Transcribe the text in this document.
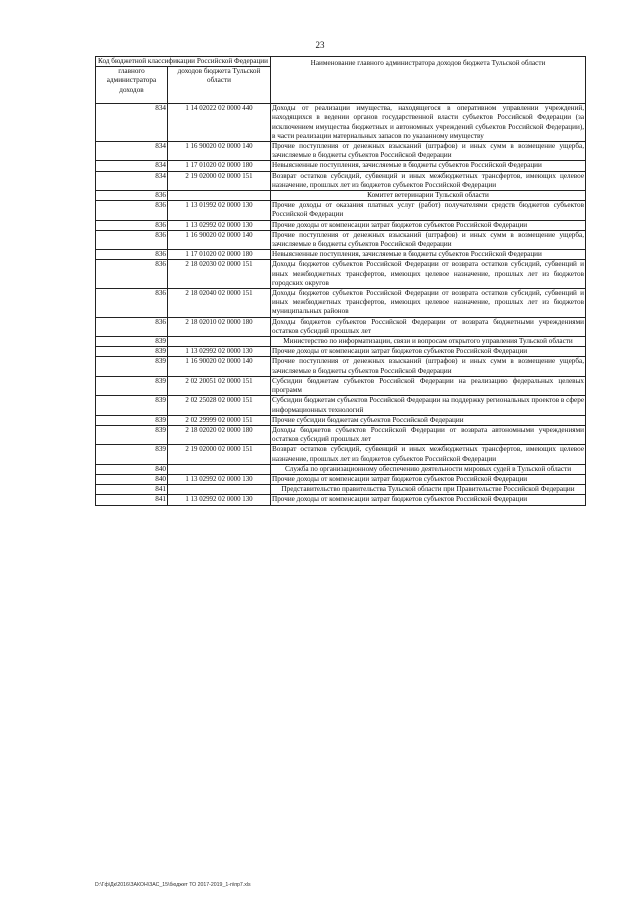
23
Код бюджетной классификации Российской Федерации		Наименование главного администратора доходов бюджета Тульской области
главного администратора доходов	доходов бюджета Тульской области	
834	1 14 02022 02 0000 440	Доходы от реализации имущества, находящегося в оперативном управлении учреждений, находящихся в ведении органов государственной власти субъектов Российской Федерации (за исключением имущества бюджетных и автономных учреждений субъектов Российской Федерации), в части реализации материальных запасов по указанному имуществу
834	1 16 90020 02 0000 140	Прочие поступления от денежных взысканий (штрафов) и иных сумм в возмещение ущерба, зачисляемые в бюджеты субъектов Российской Федерации
834	1 17 01020 02 0000 180	Невыясненные поступления, зачисляемые в бюджеты субъектов Российской Федерации
834	2 19 02000 02 0000 151	Возврат остатков субсидий, субвенций и иных межбюджетных трансфертов, имеющих целевое назначение, прошлых лет из бюджетов субъектов Российской Федерации
836		Комитет ветеринарии Тульской области
836	1 13 01992 02 0000 130	Прочие доходы от оказания платных услуг (работ) получателями средств бюджетов субъектов Российской Федерации
836	1 13 02992 02 0000 130	Прочие доходы от компенсации затрат бюджетов субъектов Российской Федерации
836	1 16 90020 02 0000 140	Прочие поступления от денежных взысканий (штрафов) и иных сумм в возмещение ущерба, зачисляемые в бюджеты субъектов Российской Федерации
836	1 17 01020 02 0000 180	Невыясненные поступления, зачисляемые в бюджеты субъектов Российской Федерации
836	2 18 02030 02 0000 151	Доходы бюджетов субъектов Российской Федерации от возврата остатков субсидий, субвенций и иных межбюджетных трансфертов, имеющих целевое назначение, прошлых лет из бюджетов городских округов
836	2 18 02040 02 0000 151	Доходы бюджетов субъектов Российской Федерации от возврата остатков субсидий, субвенций и иных межбюджетных трансфертов, имеющих целевое назначение, прошлых лет из бюджетов муниципальных районов
836	2 18 02010 02 0000 180	Доходы бюджетов субъектов Российской Федерации от возврата бюджетными учреждениями остатков субсидий прошлых лет
839		Министерство по информатизации, связи и вопросам открытого управления Тульской области
839	1 13 02992 02 0000 130	Прочие доходы от компенсации затрат бюджетов субъектов Российской Федерации
839	1 16 90020 02 0000 140	Прочие поступления от денежных взысканий (штрафов) и иных сумм в возмещение ущерба, зачисляемые в бюджеты субъектов Российской Федерации
839	2 02 20051 02 0000 151	Субсидии бюджетам субъектов Российской Федерации на реализацию федеральных целевых программ
839	2 02 25028 02 0000 151	Субсидии бюджетам субъектов Российской Федерации на поддержку региональных проектов в сфере информационных технологий
839	2 02 29999 02 0000 151	Прочие субсидии бюджетам субъектов Российской Федерации
839	2 18 02020 02 0000 180	Доходы бюджетов субъектов Российской Федерации от возврата автономными учреждениями остатков субсидий прошлых лет
839	2 19 02000 02 0000 151	Возврат остатков субсидий, субвенций и иных межбюджетных трансфертов, имеющих целевое назначение, прошлых лет из бюджетов субъектов Российской Федерации
840		Служба по организационному обеспечению деятельности мировых судей в Тульской области
840	1 13 02992 02 0000 130	Прочие доходы от компенсации затрат бюджетов субъектов Российской Федерации
841		Представительство правительства Тульской области при Правительстве Российской Федерации
841	1 13 02992 02 0000 130	Прочие доходы от компенсации затрат бюджетов субъектов Российской Федерации
D:\Гф\Дк\2016\ЗАКОН\ЗАС_15\бюджет ТО 2017-2019_1-п\пр7.xls
